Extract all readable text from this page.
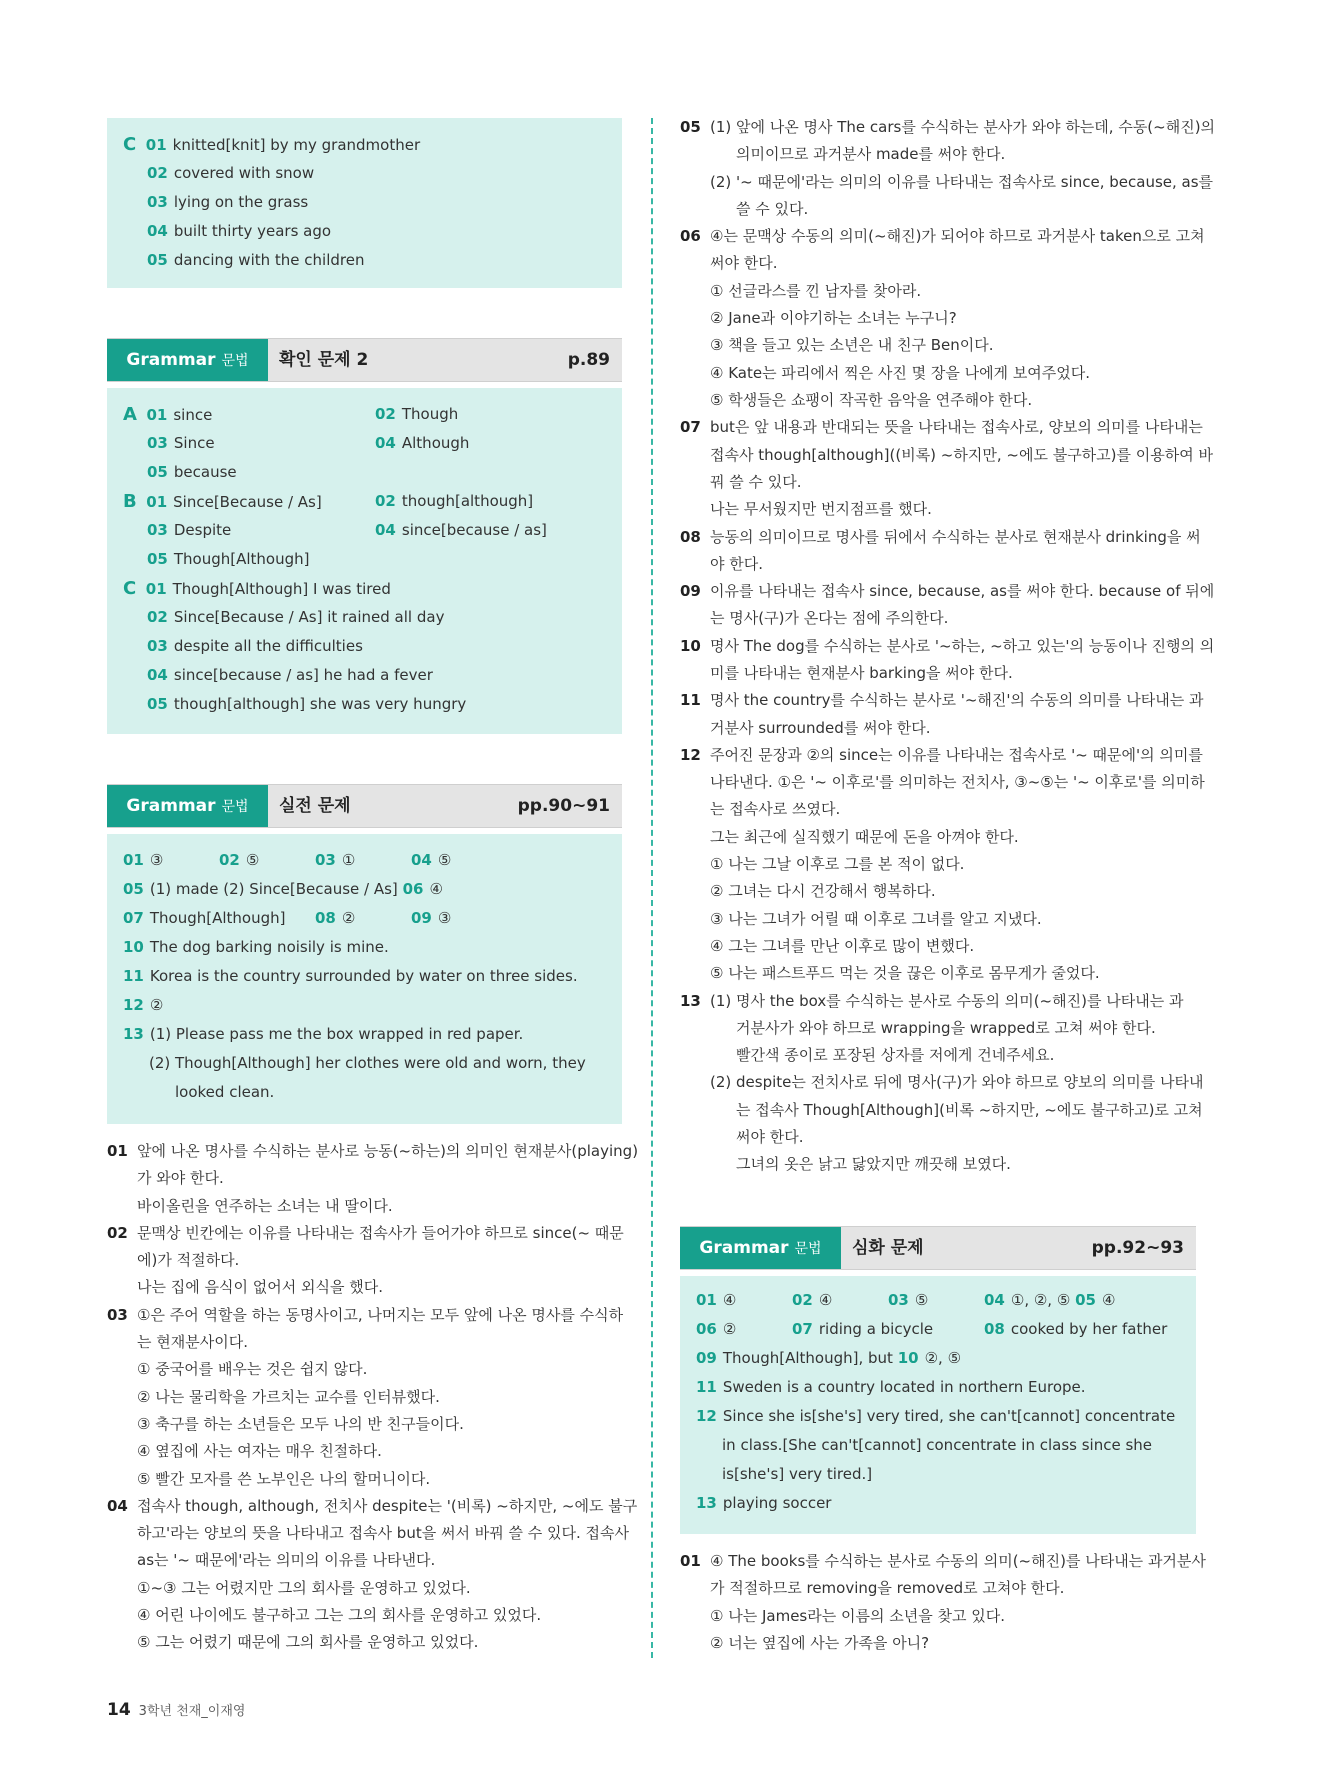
C 01 knitted[knit] by my grandmother
02 covered with snow
03 lying on the grass
04 built thirty years ago
05 dancing with the children
Grammar 문법	확인 문제 2	p.89
A 01 since	02 Though
03 Since	04 Although
05 because
B 01 Since[Because / As]	02 though[although]
03 Despite	04 since[because / as]
05 Though[Although]
C 01 Though[Although] I was tired
02 Since[Because / As] it rained all day
03 despite all the difficulties
04 since[because / as] he had a fever
05 though[although] she was very hungry
Grammar 문법	실전 문제	pp.90~91
01 ③	02 ⑤	03 ①	04 ⑤
05 (1) made (2) Since[Because / As] 06 ④
07 Though[Although] 08 ②	09 ③
10 The dog barking noisily is mine.
11 Korea is the country surrounded by water on three sides.
12 ②
13 (1) Please pass me the box wrapped in red paper.
(2) Though[Although] her clothes were old and worn, they
looked clean.
01 앞에 나온 명사를 수식하는 분사로 능동(~하는)의 의미인 현재분사(playing)
가 와야 한다.
바이올린을 연주하는 소녀는 내 딸이다.
02 문맥상 빈칸에는 이유를 나타내는 접속사가 들어가야 하므로 since(~ 때문
에)가 적절하다.
나는 집에 음식이 없어서 외식을 했다.
03 ①은 주어 역할을 하는 동명사이고, 나머지는 모두 앞에 나온 명사를 수식하
는 현재분사이다.
① 중국어를 배우는 것은 쉽지 않다.
② 나는 물리학을 가르치는 교수를 인터뷰했다.
③ 축구를 하는 소년들은 모두 나의 반 친구들이다.
④ 옆집에 사는 여자는 매우 친절하다.
⑤ 빨간 모자를 쓴 노부인은 나의 할머니이다.
04 접속사 though, although, 전치사 despite는 '(비록) ~하지만, ~에도 불구
하고'라는 양보의 뜻을 나타내고 접속사 but을 써서 바꿔 쓸 수 있다. 접속사
as는 '~ 때문에'라는 의미의 이유를 나타낸다.
①~③ 그는 어렸지만 그의 회사를 운영하고 있었다.
④ 어린 나이에도 불구하고 그는 그의 회사를 운영하고 있었다.
⑤ 그는 어렸기 때문에 그의 회사를 운영하고 있었다.
05 (1) 앞에 나온 명사 The cars를 수식하는 분사가 와야 하는데, 수동(~해진)의
의미이므로 과거분사 made를 써야 한다.
(2) '~ 때문에'라는 의미의 이유를 나타내는 접속사로 since, because, as를
쓸 수 있다.
06 ④는 문맥상 수동의 의미(~해진)가 되어야 하므로 과거분사 taken으로 고쳐
써야 한다.
① 선글라스를 낀 남자를 찾아라.
② Jane과 이야기하는 소녀는 누구니?
③ 책을 들고 있는 소년은 내 친구 Ben이다.
④ Kate는 파리에서 찍은 사진 몇 장을 나에게 보여주었다.
⑤ 학생들은 쇼팽이 작곡한 음악을 연주해야 한다.
07 but은 앞 내용과 반대되는 뜻을 나타내는 접속사로, 양보의 의미를 나타내는
접속사 though[although]((비록) ~하지만, ~에도 불구하고)를 이용하여 바
꿔 쓸 수 있다.
나는 무서웠지만 번지점프를 했다.
08 능동의 의미이므로 명사를 뒤에서 수식하는 분사로 현재분사 drinking을 써
야 한다.
09 이유를 나타내는 접속사 since, because, as를 써야 한다. because of 뒤에
는 명사(구)가 온다는 점에 주의한다.
10 명사 The dog를 수식하는 분사로 '~하는, ~하고 있는'의 능동이나 진행의 의
미를 나타내는 현재분사 barking을 써야 한다.
11 명사 the country를 수식하는 분사로 '~해진'의 수동의 의미를 나타내는 과
거분사 surrounded를 써야 한다.
12 주어진 문장과 ②의 since는 이유를 나타내는 접속사로 '~ 때문에'의 의미를
나타낸다. ①은 '~ 이후로'를 의미하는 전치사, ③~⑤는 '~ 이후로'를 의미하
는 접속사로 쓰였다.
그는 최근에 실직했기 때문에 돈을 아껴야 한다.
① 나는 그날 이후로 그를 본 적이 없다.
② 그녀는 다시 건강해서 행복하다.
③ 나는 그녀가 어릴 때 이후로 그녀를 알고 지냈다.
④ 그는 그녀를 만난 이후로 많이 변했다.
⑤ 나는 패스트푸드 먹는 것을 끊은 이후로 몸무게가 줄었다.
13 (1) 명사 the box를 수식하는 분사로 수동의 의미(~해진)를 나타내는 과
거분사가 와야 하므로 wrapping을 wrapped로 고쳐 써야 한다.
빨간색 종이로 포장된 상자를 저에게 건네주세요.
(2) despite는 전치사로 뒤에 명사(구)가 와야 하므로 양보의 의미를 나타내
는 접속사 Though[Although](비록 ~하지만, ~에도 불구하고)로 고쳐
써야 한다.
그녀의 옷은 낡고 닳았지만 깨끗해 보였다.
Grammar 문법	심화 문제	pp.92~93
01 ④	02 ④	03 ⑤	04 ①, ②, ⑤ 05 ④
06 ②	07 riding a bicycle	08 cooked by her father
09 Though[Although], but 10 ②, ⑤
11 Sweden is a country located in northern Europe.
12 Since she is[she's] very tired, she can't[cannot] concentrate
in class.[She can't[cannot] concentrate in class since she
is[she's] very tired.]
13 playing soccer
01 ④ The books를 수식하는 분사로 수동의 의미(~해진)를 나타내는 과거분사
가 적절하므로 removing을 removed로 고쳐야 한다.
① 나는 James라는 이름의 소년을 찾고 있다.
② 너는 옆집에 사는 가족을 아니?
14 3학년 천재_이재영
